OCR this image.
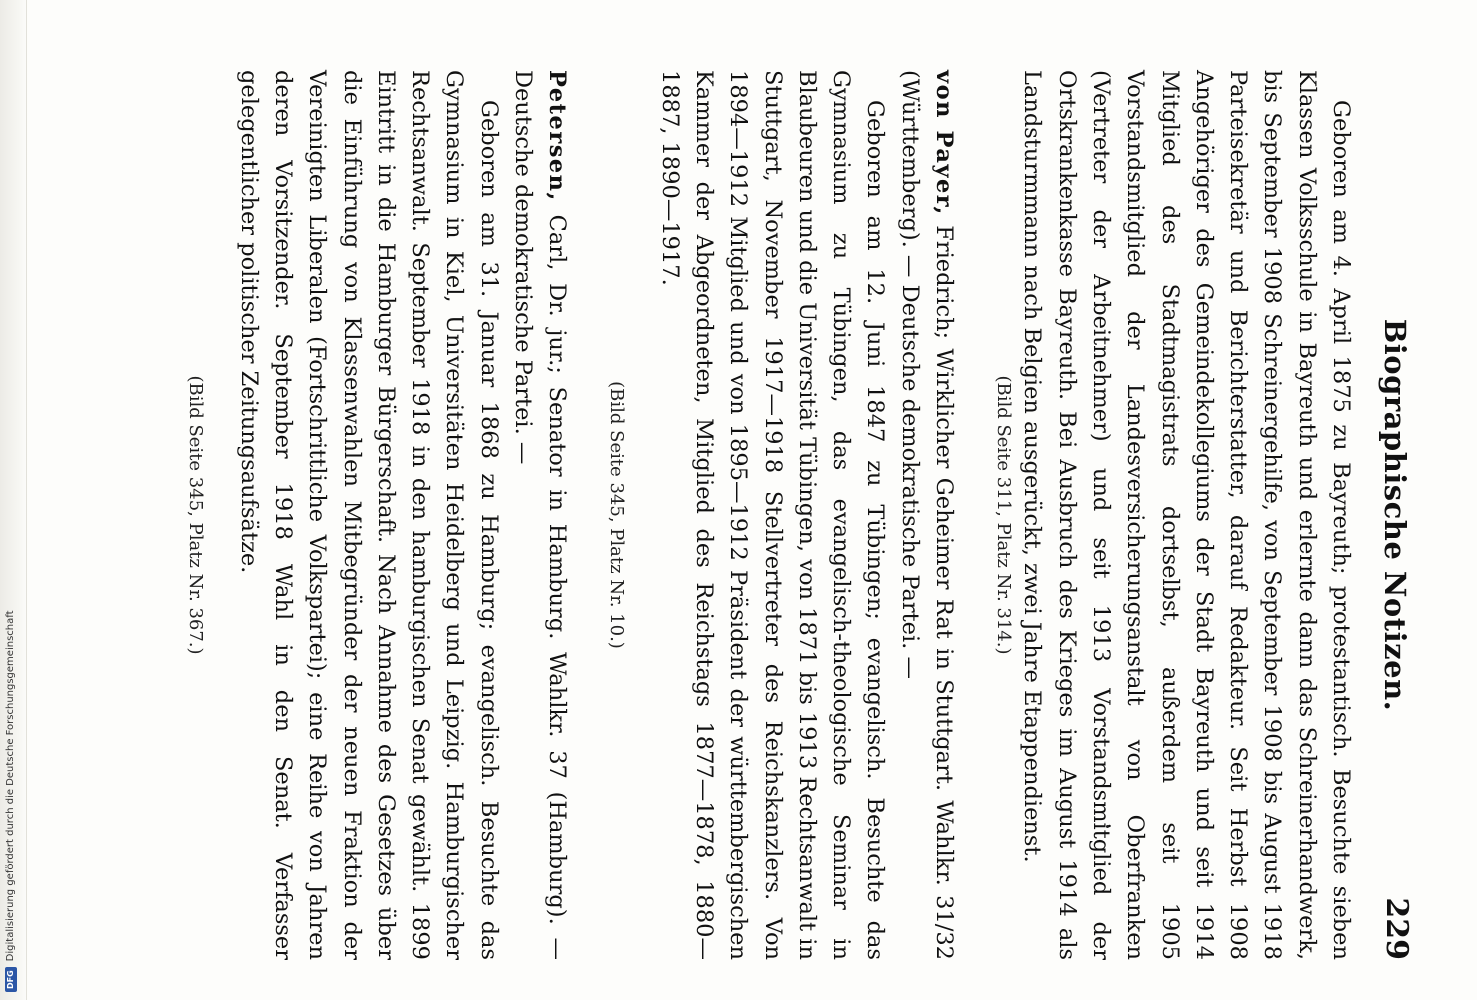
DFGDigitalisierung gefördert durch die Deutsche Forschungsgemeinschaft
Biographische Notizen.
229

Geboren am 4. April 1875 zu Bayreuth; protestantisch. Besuchte sieben Klassen Volksschule in Bayreuth und erlernte dann das Schreinerhandwerk, bis September 1908 Schreinergehilfe, von September 1908 bis August 1918 Parteisekretär und Berichterstatter, darauf Redakteur. Seit Herbst 1908 Angehöriger des Gemeindekollegiums der Stadt Bayreuth und seit 1914 Mitglied des Stadtmagistrats dortselbst, außerdem seit 1905 Vorstandsmitglied der Landesversicherungsanstalt von Oberfranken (Vertreter der Arbeitnehmer) und seit 1913 Vorstandsmitglied der Ortskrankenkasse Bayreuth. Bei Ausbruch des Krieges im August 1914 als Landsturmmann nach Belgien ausgerückt, zwei Jahre Etappendienst.

(Bild Seite 311, Platz Nr. 314.)

von Payer, Friedrich; Wirklicher Geheimer Rat in Stuttgart. Wahlkr. 31/32 (Württemberg). — Deutsche demokratische Partei. —

Geboren am 12. Juni 1847 zu Tübingen; evangelisch. Besuchte das Gymnasium zu Tübingen, das evangelisch-theologische Seminar in Blaubeuren und die Universität Tübingen, von 1871 bis 1913 Rechtsanwalt in Stuttgart, November 1917—1918 Stellvertreter des Reichskanzlers. Von 1894—1912 Mitglied und von 1895—1912 Präsident der württembergischen Kammer der Abgeordneten, Mitglied des Reichstags 1877—1878, 1880—1887, 1890—1917.

(Bild Seite 345, Platz Nr. 10.)

Petersen, Carl, Dr. jur.; Senator in Hamburg. Wahlkr. 37 (Hamburg). — Deutsche demokratische Partei. —

Geboren am 31. Januar 1868 zu Hamburg; evangelisch. Besuchte das Gymnasium in Kiel, Universitäten Heidelberg und Leipzig. Hamburgischer Rechtsanwalt. September 1918 in den hamburgischen Senat gewählt. 1899 Eintritt in die Hamburger Bürgerschaft. Nach Annahme des Gesetzes über die Einführung von Klassenwahlen Mitbegründer der neuen Fraktion der Vereinigten Liberalen (Fortschrittliche Volkspartei); eine Reihe von Jahren deren Vorsitzender. September 1918 Wahl in den Senat. Verfasser gelegentlicher politischer Zeitungsaufsätze.

(Bild Seite 345, Platz Nr. 367.)
